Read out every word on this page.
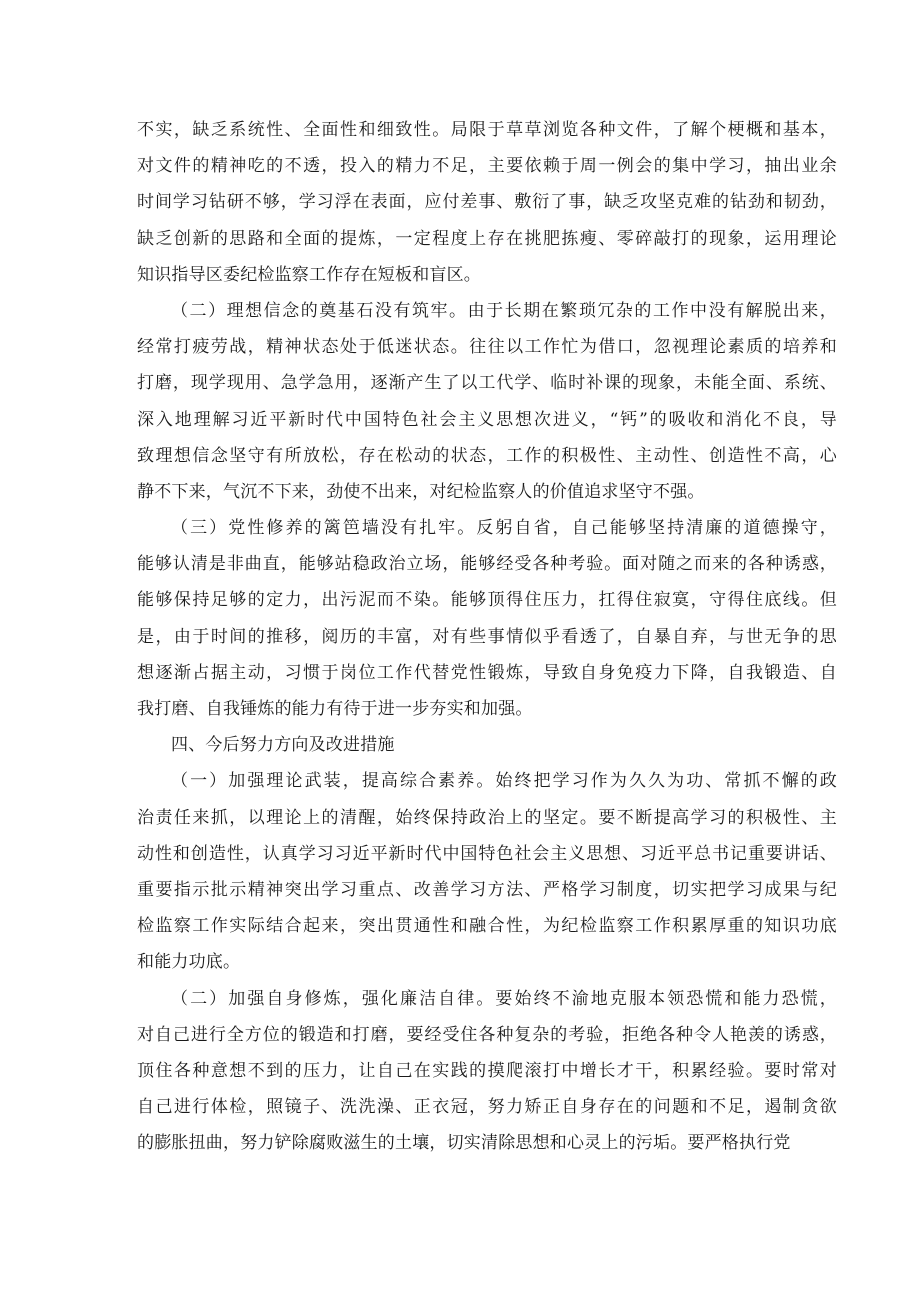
不实，缺乏系统性、全面性和细致性。局限于草草浏览各种文件，了解个梗概和基本，
对文件的精神吃的不透，投入的精力不足，主要依赖于周一例会的集中学习，抽出业余
时间学习钻研不够，学习浮在表面，应付差事、敷衍了事，缺乏攻坚克难的钻劲和韧劲，
缺乏创新的思路和全面的提炼，一定程度上存在挑肥拣瘦、零碎敲打的现象，运用理论
知识指导区委纪检监察工作存在短板和盲区。
（二）理想信念的奠基石没有筑牢。由于长期在繁琐冗杂的工作中没有解脱出来，
经常打疲劳战，精神状态处于低迷状态。往往以工作忙为借口，忽视理论素质的培养和
打磨，现学现用、急学急用，逐渐产生了以工代学、临时补课的现象，未能全面、系统、
深入地理解习近平新时代中国特色社会主义思想次进义，“钙”的吸收和消化不良，导
致理想信念坚守有所放松，存在松动的状态，工作的积极性、主动性、创造性不高，心
静不下来，气沉不下来，劲使不出来，对纪检监察人的价值追求坚守不强。
（三）党性修养的篱笆墙没有扎牢。反躬自省，自己能够坚持清廉的道德操守，
能够认清是非曲直，能够站稳政治立场，能够经受各种考验。面对随之而来的各种诱惑，
能够保持足够的定力，出污泥而不染。能够顶得住压力，扛得住寂寞，守得住底线。但
是，由于时间的推移，阅历的丰富，对有些事情似乎看透了，自暴自弃，与世无争的思
想逐渐占据主动，习惯于岗位工作代替党性锻炼，导致自身免疫力下降，自我锻造、自
我打磨、自我锤炼的能力有待于进一步夯实和加强。
四、今后努力方向及改进措施
（一）加强理论武装，提高综合素养。始终把学习作为久久为功、常抓不懈的政
治责任来抓，以理论上的清醒，始终保持政治上的坚定。要不断提高学习的积极性、主
动性和创造性，认真学习习近平新时代中国特色社会主义思想、习近平总书记重要讲话、
重要指示批示精神突出学习重点、改善学习方法、严格学习制度，切实把学习成果与纪
检监察工作实际结合起来，突出贯通性和融合性，为纪检监察工作积累厚重的知识功底
和能力功底。
（二）加强自身修炼，强化廉洁自律。要始终不渝地克服本领恐慌和能力恐慌，
对自己进行全方位的锻造和打磨，要经受住各种复杂的考验，拒绝各种令人艳羡的诱惑，
顶住各种意想不到的压力，让自己在实践的摸爬滚打中增长才干，积累经验。要时常对
自己进行体检，照镜子、洗洗澡、正衣冠，努力矫正自身存在的问题和不足，遏制贪欲
的膨胀扭曲，努力铲除腐败滋生的土壤，切实清除思想和心灵上的污垢。要严格执行党
